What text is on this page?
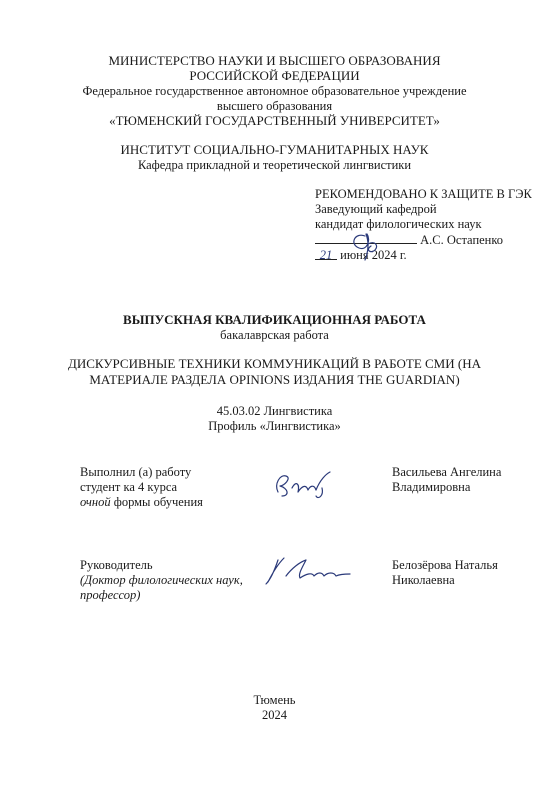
МИНИСТЕРСТВО НАУКИ И ВЫСШЕГО ОБРАЗОВАНИЯ
РОССИЙСКОЙ ФЕДЕРАЦИИ
Федеральное государственное автономное образовательное учреждение
высшего образования
«ТЮМЕНСКИЙ ГОСУДАРСТВЕННЫЙ УНИВЕРСИТЕТ»
ИНСТИТУТ СОЦИАЛЬНО-ГУМАНИТАРНЫХ НАУК
Кафедра прикладной и теоретической лингвистики
РЕКОМЕНДОВАНО К ЗАЩИТЕ В ГЭК
Заведующий кафедрой
кандидат филологических наук
А.С. Остапенко
21 июня 2024 г.
ВЫПУСКНАЯ КВАЛИФИКАЦИОННАЯ РАБОТА
бакалаврская работа
ДИСКУРСИВНЫЕ ТЕХНИКИ КОММУНИКАЦИЙ В РАБОТЕ СМИ (НА
МАТЕРИАЛЕ РАЗДЕЛА OPINIONS ИЗДАНИЯ THE GUARDIAN)
45.03.02 Лингвистика
Профиль «Лингвистика»
Выполнил (а) работу
студент ка 4 курса
очной формы обучения
Васильева Ангелина
Владимировна
Руководитель
(Доктор филологических наук,
профессор)
Белозёрова Наталья
Николаевна
Тюмень
2024
